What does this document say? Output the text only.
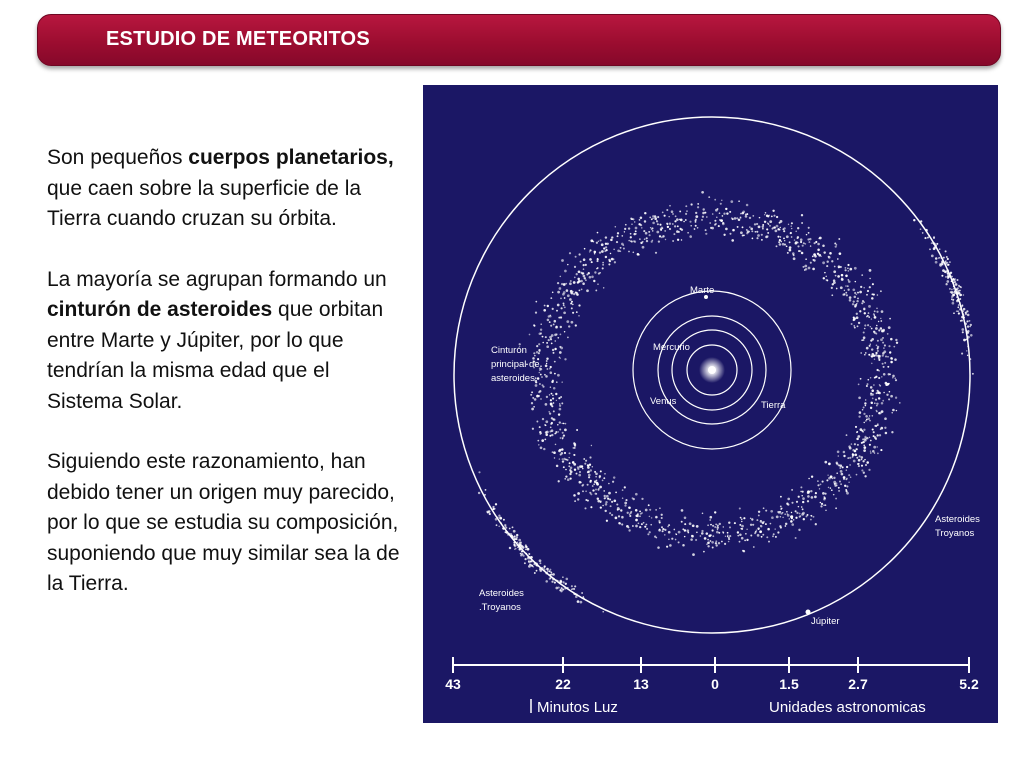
ESTUDIO DE METEORITOS

Son pequeños cuerpos planetarios, que caen sobre la superficie de la Tierra cuando cruzan su órbita.

La mayoría se agrupan formando un cinturón de asteroides que orbitan entre Marte y Júpiter, por lo que tendrían la misma edad que el Sistema Solar.

Siguiendo este razonamiento, han debido tener un origen muy parecido, por lo que se estudia su composición, suponiendo que muy similar sea la de la Tierra.

Marte
Mercurio
Venus	Tierra
Cinturón
principal de
asteroides.
Asteroides
Troyanos
Asteroides
.Troyanos
Júpiter
43	22	13	0	1.5	2.7	5.2
Minutos Luz	Unidades astronomicas
